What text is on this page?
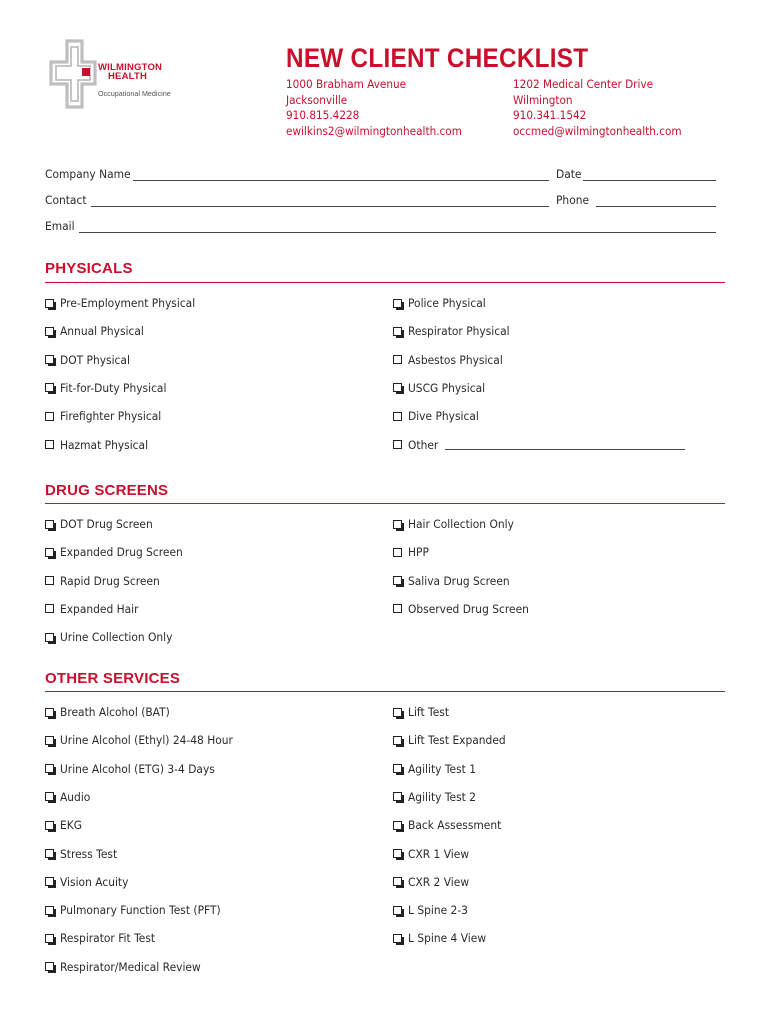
WILMINGTON
HEALTH
Occupational Medicine
NEW CLIENT CHECKLIST
1000 Brabham Avenue
Jacksonville
910.815.4228
ewilkins2@wilmingtonhealth.com
1202 Medical Center Drive
Wilmington
910.341.1542
occmed@wilmingtonhealth.com
Company Name	Date
Contact	Phone
Email
PHYSICALS
DRUG SCREENS
OTHER SERVICES
Pre-Employment Physical
Annual Physical
DOT Physical
Fit-for-Duty Physical
Firefighter Physical
Hazmat Physical
Police Physical
Respirator Physical
Asbestos Physical
USCG Physical
Dive Physical
Other
DOT Drug Screen
Expanded Drug Screen
Rapid Drug Screen
Expanded Hair
Urine Collection Only
Hair Collection Only
HPP
Saliva Drug Screen
Observed Drug Screen
Breath Alcohol (BAT)
Urine Alcohol (Ethyl) 24-48 Hour
Urine Alcohol (ETG) 3-4 Days
Audio
EKG
Stress Test
Vision Acuity
Pulmonary Function Test (PFT)
Respirator Fit Test
Respirator/Medical Review
Lift Test
Lift Test Expanded
Agility Test 1
Agility Test 2
Back Assessment
CXR 1 View
CXR 2 View
L Spine 2-3
L Spine 4 View
